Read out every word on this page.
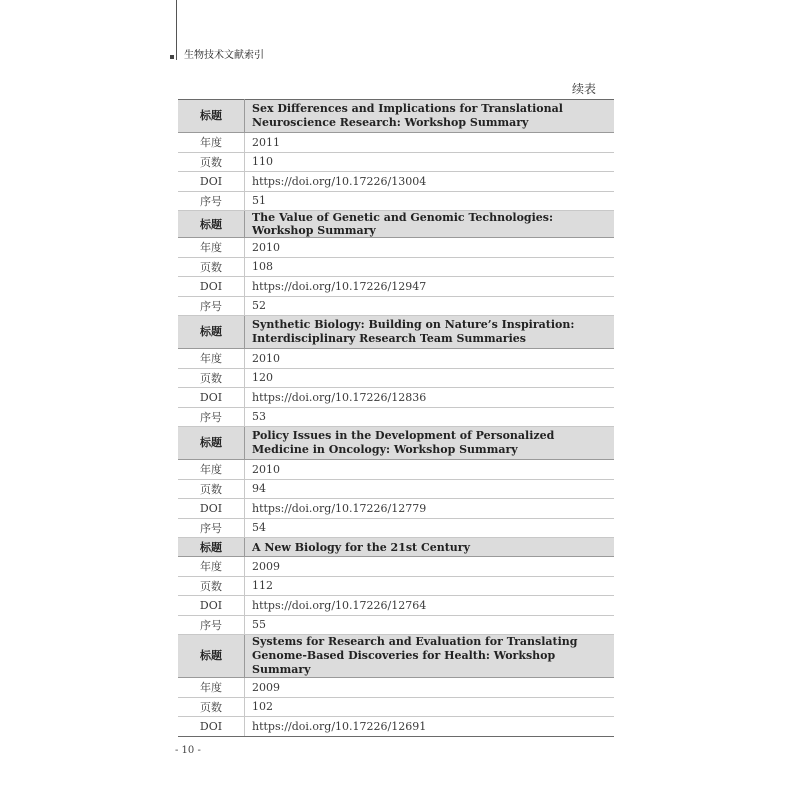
生物技术文献索引
续表
标题	Sex Differences and Implications for Translational Neuroscience Research: Workshop Summary
年度	2011
页数	110
DOI	https://doi.org/10.17226/13004
序号	51
标题	The Value of Genetic and Genomic Technologies: Workshop Summary
年度	2010
页数	108
DOI	https://doi.org/10.17226/12947
序号	52
标题	Synthetic Biology: Building on Nature’s Inspiration: Interdisciplinary Research Team Summaries
年度	2010
页数	120
DOI	https://doi.org/10.17226/12836
序号	53
标题	Policy Issues in the Development of Personalized Medicine in Oncology: Workshop Summary
年度	2010
页数	94
DOI	https://doi.org/10.17226/12779
序号	54
标题	A New Biology for the 21st Century
年度	2009
页数	112
DOI	https://doi.org/10.17226/12764
序号	55
标题	Systems for Research and Evaluation for Translating Genome-Based Discoveries for Health: Workshop Summary
年度	2009
页数	102
DOI	https://doi.org/10.17226/12691
- 10 -
